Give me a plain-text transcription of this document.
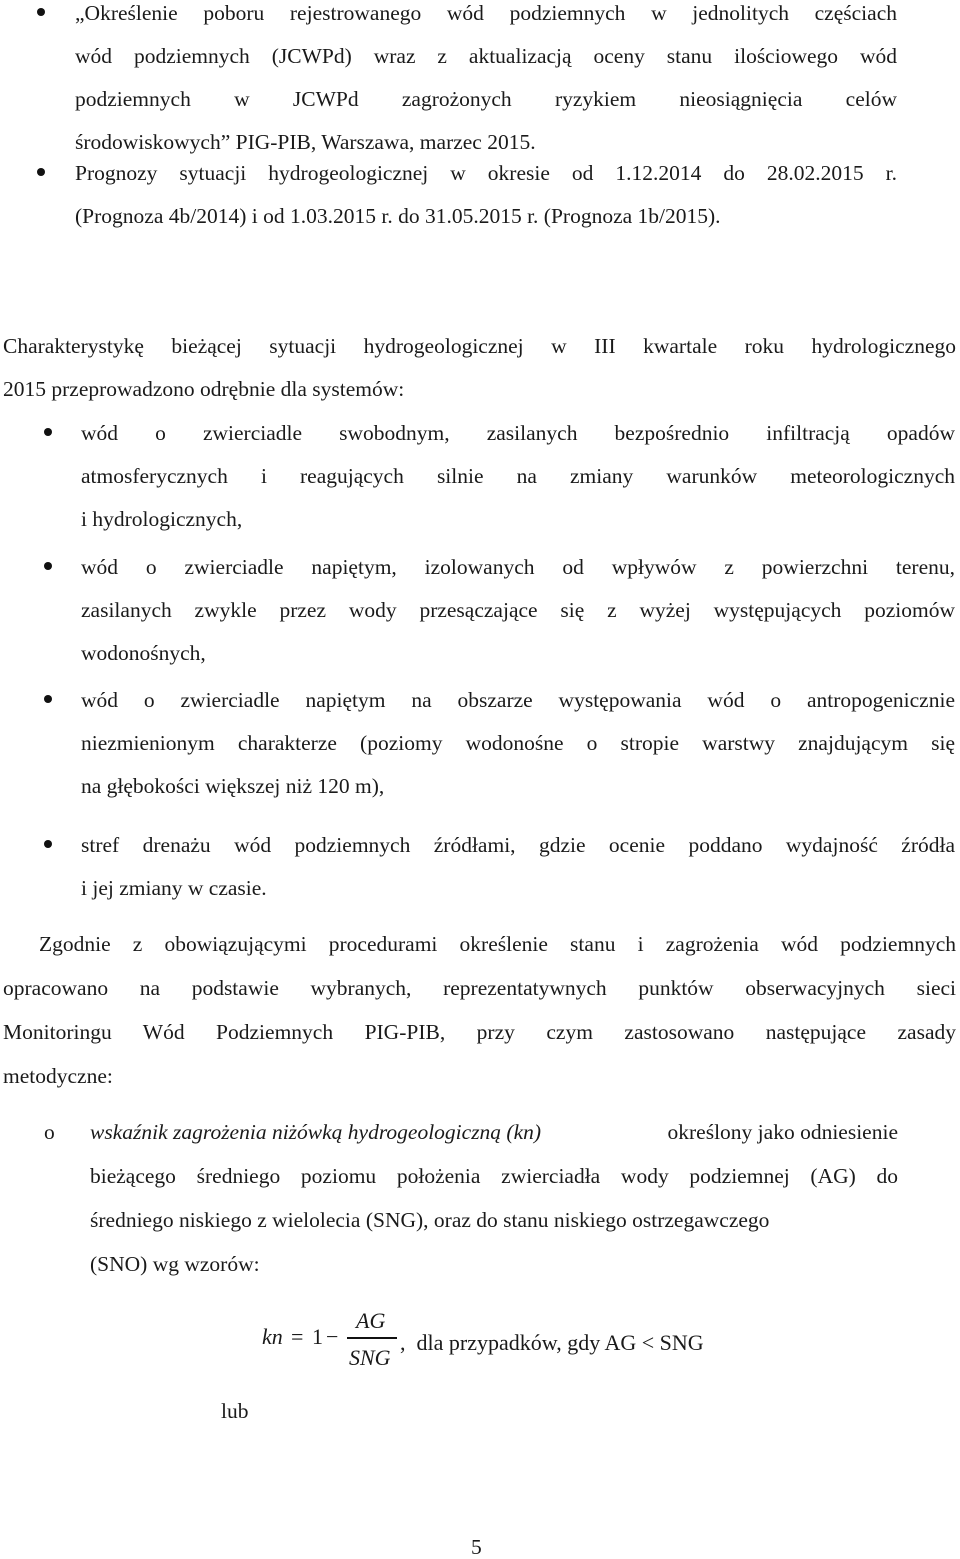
„Określenie poboru rejestrowanego wód podziemnych w jednolitych częściach
wód podziemnych (JCWPd) wraz z aktualizacją oceny stanu ilościowego wód
podziemnych w JCWPd zagrożonych ryzykiem nieosiągnięcia celów
środowiskowych” PIG-PIB, Warszawa, marzec 2015.
Prognozy sytuacji hydrogeologicznej w okresie od 1.12.2014 do 28.02.2015 r.
(Prognoza 4b/2014) i od 1.03.2015 r. do 31.05.2015 r. (Prognoza 1b/2015).
Charakterystykę bieżącej sytuacji hydrogeologicznej w III kwartale roku hydrologicznego
2015 przeprowadzono odrębnie dla systemów:
wód o zwierciadle swobodnym, zasilanych bezpośrednio infiltracją opadów
atmosferycznych i reagujących silnie na zmiany warunków meteorologicznych
i hydrologicznych,
wód o zwierciadle napiętym, izolowanych od wpływów z powierzchni terenu,
zasilanych zwykle przez wody przesączające się z wyżej występujących poziomów
wodonośnych,
wód o zwierciadle napiętym na obszarze występowania wód o antropogenicznie
niezmienionym charakterze (poziomy wodonośne o stropie warstwy znajdującym się
na głębokości większej niż 120 m),
stref drenażu wód podziemnych źródłami, gdzie ocenie poddano wydajność źródła
i jej zmiany w czasie.
Zgodnie z obowiązującymi procedurami określenie stanu i zagrożenia wód podziemnych
opracowano na podstawie wybranych, reprezentatywnych punktów obserwacyjnych sieci
Monitoringu Wód Podziemnych PIG-PIB, przy czym zastosowano następujące zasady
metodyczne:
o wskaźnik zagrożenia niżówką hydrogeologiczną (kn)	określony jako odniesienie
bieżącego średniego poziomu położenia zwierciadła wody podziemnej (AG) do
średniego niskiego z wielolecia (SNG), oraz do stanu niskiego ostrzegawczego
(SNO) wg wzorów:
kn = 1 −
AG
SNG
,  dla przypadków, gdy AG < SNG
lub
5
